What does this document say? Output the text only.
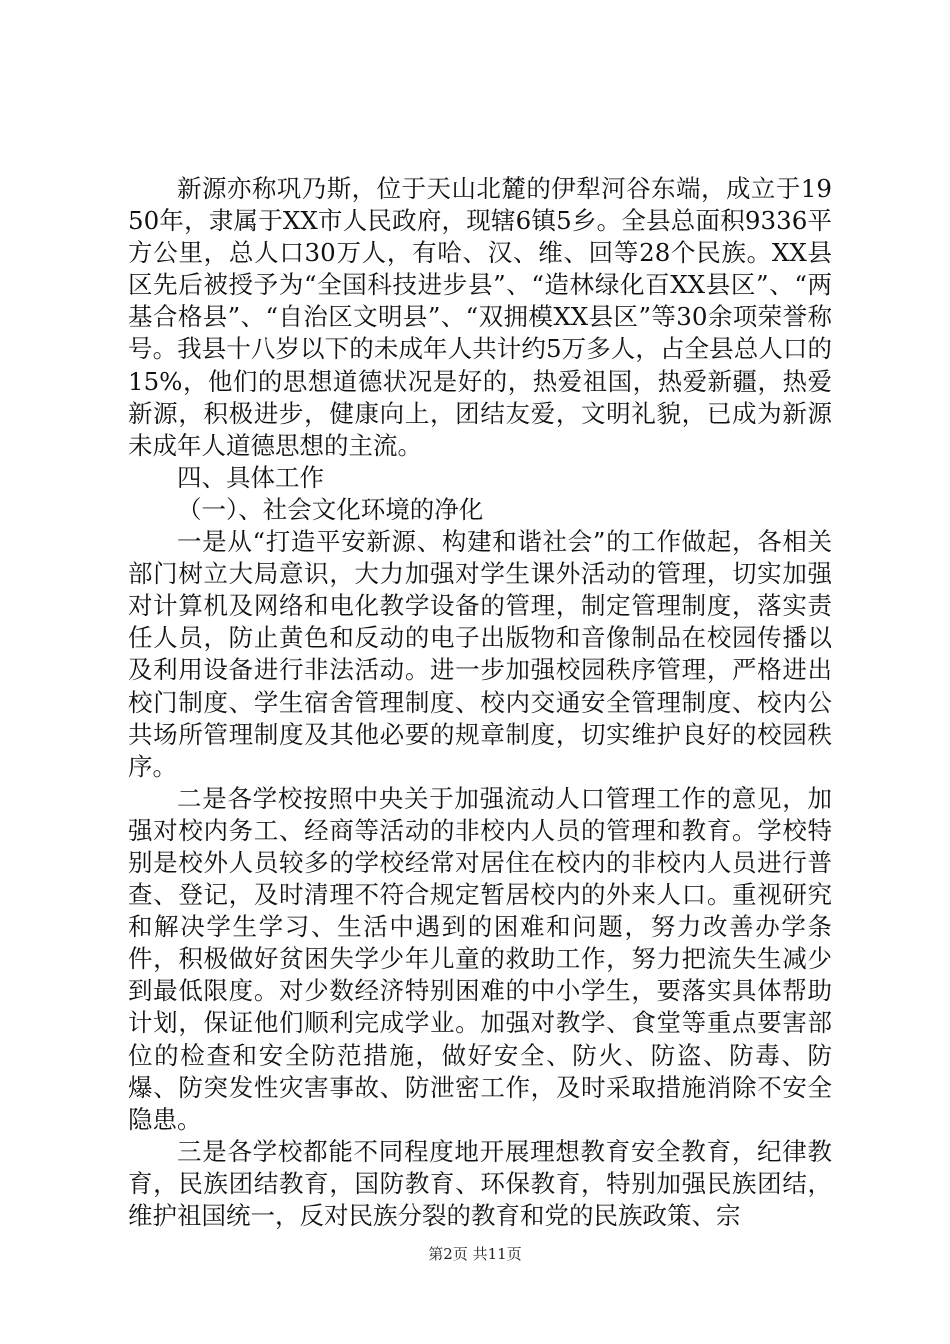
新源亦称巩乃斯，位于天山北麓的伊犁河谷东端，成立于1950年，隶属于XX市人民政府，现辖6镇5乡。全县总面积9336平方公里，总人口30万人，有哈、汉、维、回等28个民族。XX县区先后被授予为“全国科技进步县”、“造林绿化百XX县区”、“两基合格县”、“自治区文明县”、“双拥模XX县区”等30余项荣誉称号。我县十八岁以下的未成年人共计约5万多人，占全县总人口的15%，他们的思想道德状况是好的，热爱祖国，热爱新疆，热爱新源，积极进步，健康向上，团结友爱，文明礼貌，已成为新源未成年人道德思想的主流。

四、具体工作

（一）、社会文化环境的净化

一是从“打造平安新源、构建和谐社会”的工作做起，各相关部门树立大局意识，大力加强对学生课外活动的管理，切实加强对计算机及网络和电化教学设备的管理，制定管理制度，落实责任人员，防止黄色和反动的电子出版物和音像制品在校园传播以及利用设备进行非法活动。进一步加强校园秩序管理，严格进出校门制度、学生宿舍管理制度、校内交通安全管理制度、校内公共场所管理制度及其他必要的规章制度，切实维护良好的校园秩序。

二是各学校按照中央关于加强流动人口管理工作的意见，加强对校内务工、经商等活动的非校内人员的管理和教育。学校特别是校外人员较多的学校经常对居住在校内的非校内人员进行普查、登记，及时清理不符合规定暂居校内的外来人口。重视研究和解决学生学习、生活中遇到的困难和问题，努力改善办学条件，积极做好贫困失学少年儿童的救助工作，努力把流失生减少到最低限度。对少数经济特别困难的中小学生，要落实具体帮助计划，保证他们顺利完成学业。加强对教学、食堂等重点要害部位的检查和安全防范措施，做好安全、防火、防盗、防毒、防爆、防突发性灾害事故、防泄密工作，及时采取措施消除不安全隐患。

三是各学校都能不同程度地开展理想教育安全教育，纪律教育，民族团结教育，国防教育、环保教育，特别加强民族团结，维护祖国统一，反对民族分裂的教育和党的民族政策、宗

第2页 共11页
